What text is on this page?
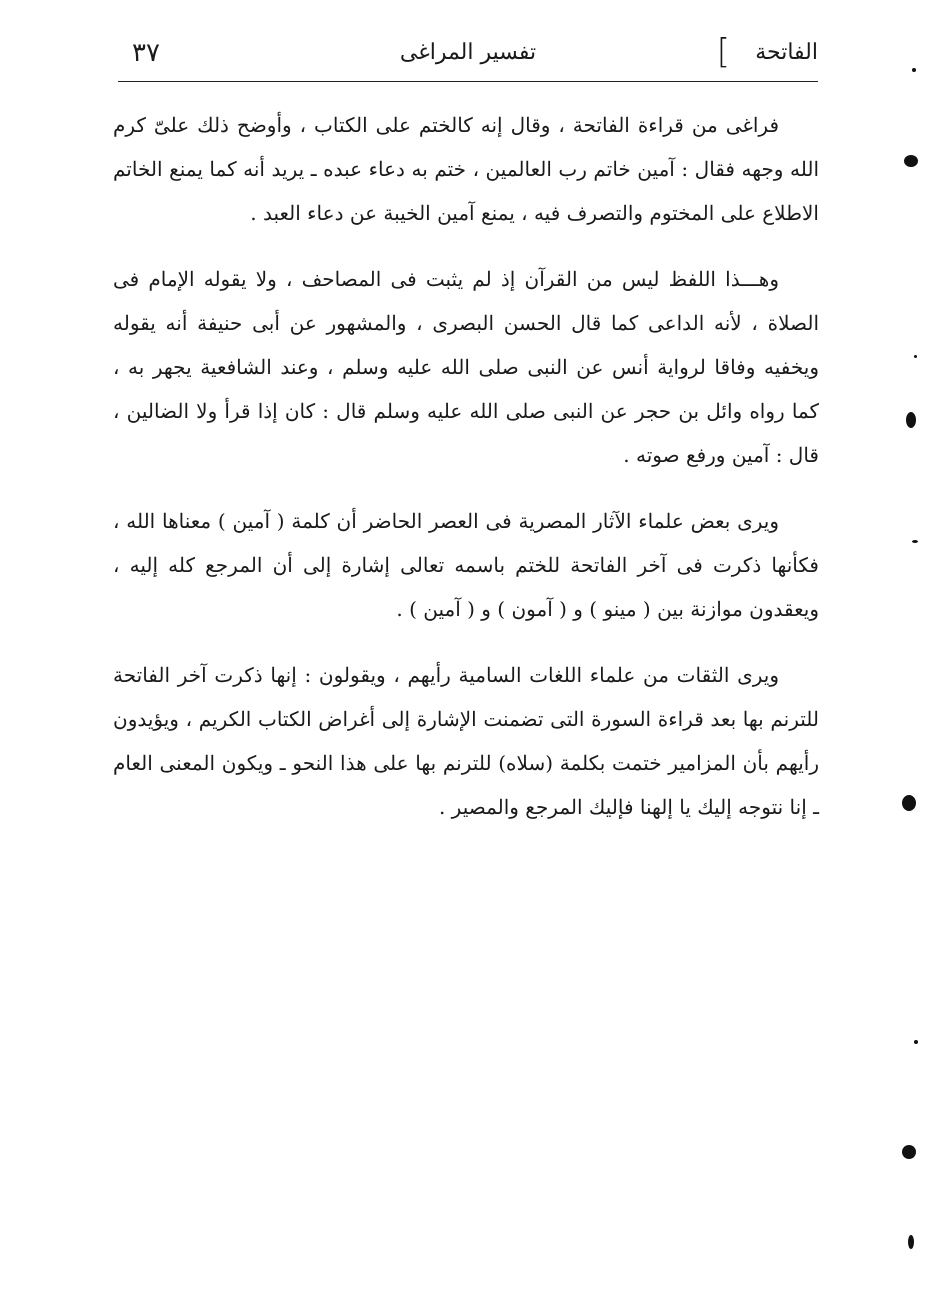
الفاتحة
]
تفسير المراغى
٣٧

فراغى من قراءة الفاتحة ، وقال إنه كالختم على الكتاب ، وأوضح ذلك علىّ كرم الله وجهه فقال : آمين خاتم رب العالمين ، ختم به دعاء عبده ـ يريد أنه كما يمنع الخاتم الاطلاع على المختوم والتصرف فيه ، يمنع آمين الخيبة عن دعاء العبد .

وهـــذا اللفظ ليس من القرآن إذ لم يثبت فى المصاحف ، ولا يقوله الإمام فى الصلاة ، لأنه الداعى كما قال الحسن البصرى ، والمشهور عن أبى حنيفة أنه يقوله ويخفيه وفاقا لرواية أنس عن النبى صلى الله عليه وسلم ، وعند الشافعية يجهر به ، كما رواه وائل بن حجر عن النبى صلى الله عليه وسلم قال : كان إذا قرأ ولا الضالين ، قال : آمين ورفع صوته .

ويرى بعض علماء الآثار المصرية فى العصر الحاضر أن كلمة ( آمين ) معناها الله ، فكأنها ذكرت فى آخر الفاتحة للختم باسمه تعالى إشارة إلى أن المرجع كله إليه ، ويعقدون موازنة بين ( مينو ) و ( آمون ) و ( آمين ) .

ويرى الثقات من علماء اللغات السامية رأيهم ، ويقولون : إنها ذكرت آخر الفاتحة للترنم بها بعد قراءة السورة التى تضمنت الإشارة إلى أغراض الكتاب الكريم ، ويؤيدون رأيهم بأن المزامير ختمت بكلمة (سلاه) للترنم بها على هذا النحو ـ ويكون المعنى العام ـ إنا نتوجه إليك يا إلهنا فإليك المرجع والمصير .
